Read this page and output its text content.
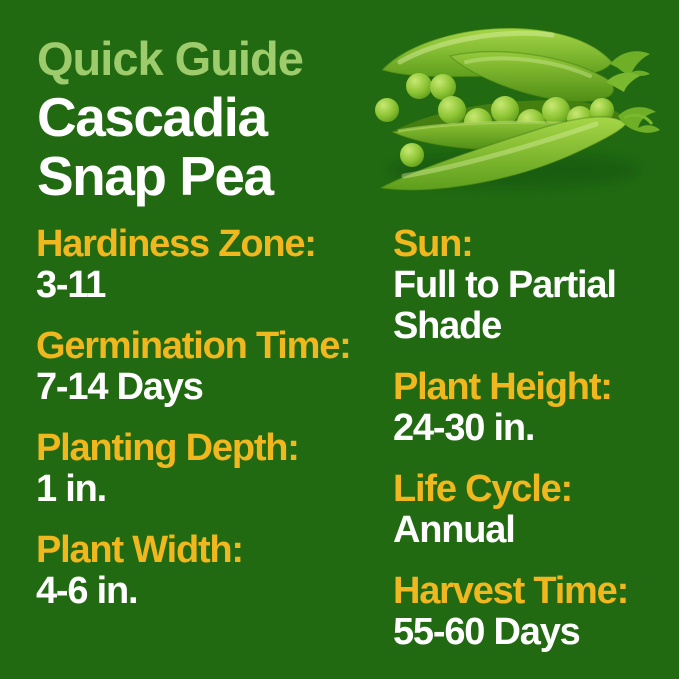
Quick Guide
Cascadia
Snap Pea
Hardiness Zone:
3-11
Germination Time:
7-14 Days
Planting Depth:
1 in.
Plant Width:
4-6 in.
Sun:
Full to Partial Shade
Plant Height:
24-30 in.
Life Cycle:
Annual
Harvest Time:
55-60 Days
